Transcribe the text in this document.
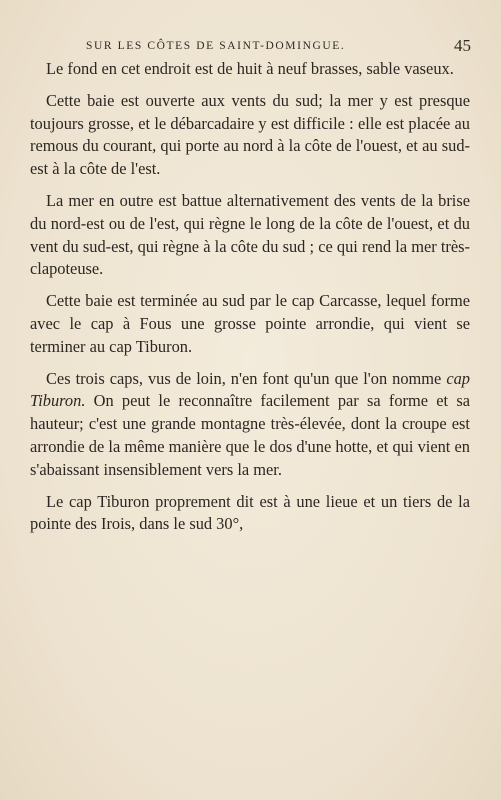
SUR LES CÔTES DE SAINT-DOMINGUE.	45

Le fond en cet endroit est de huit à neuf brasses, sable vaseux.

Cette baie est ouverte aux vents du sud; la mer y est presque toujours grosse, et le débarcadaire y est difficile : elle est placée au remous du courant, qui porte au nord à la côte de l'ouest, et au sud-est à la côte de l'est.

La mer en outre est battue alternativement des vents de la brise du nord-est ou de l'est, qui règne le long de la côte de l'ouest, et du vent du sud-est, qui règne à la côte du sud ; ce qui rend la mer très-clapoteuse.

Cette baie est terminée au sud par le cap Carcasse, lequel forme avec le cap à Fous une grosse pointe arrondie, qui vient se terminer au cap Tiburon.

Ces trois caps, vus de loin, n'en font qu'un que l'on nomme cap Tiburon. On peut le reconnaître facilement par sa forme et sa hauteur; c'est une grande montagne très-élevée, dont la croupe est arrondie de la même manière que le dos d'une hotte, et qui vient en s'abaissant insensiblement vers la mer.

Le cap Tiburon proprement dit est à une lieue et un tiers de la pointe des Irois, dans le sud 30°,
